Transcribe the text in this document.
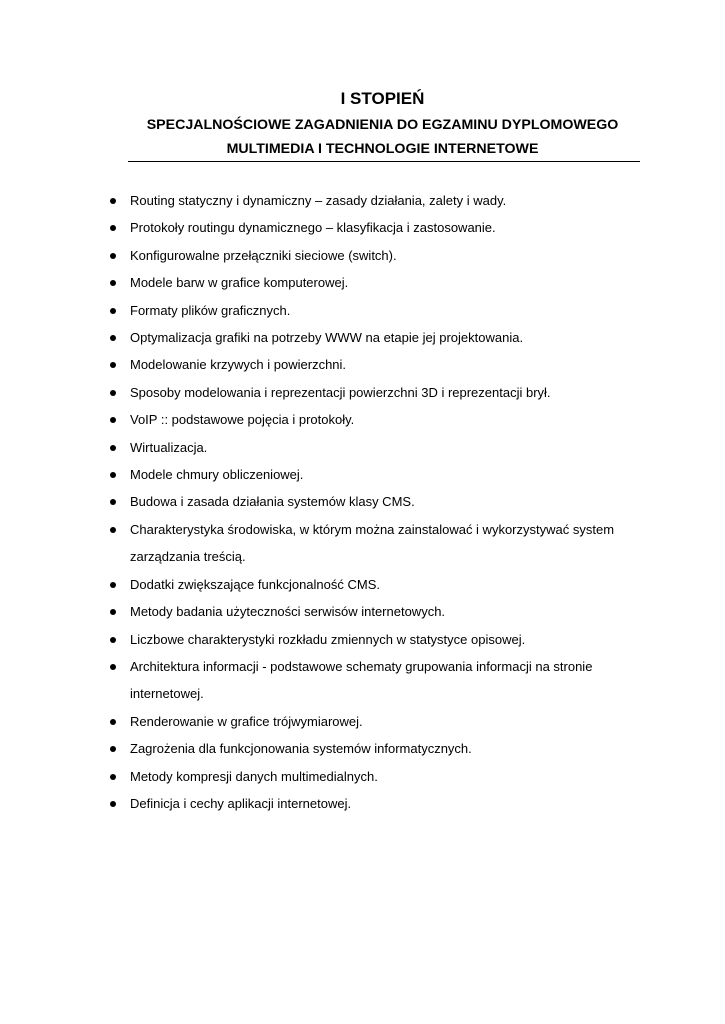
I STOPIEŃ
SPECJALNOŚCIOWE ZAGADNIENIA DO EGZAMINU DYPLOMOWEGO
MULTIMEDIA I TECHNOLOGIE INTERNETOWE
Routing statyczny i dynamiczny – zasady działania, zalety i wady.
Protokoły routingu dynamicznego – klasyfikacja i zastosowanie.
Konfigurowalne przełączniki sieciowe (switch).
Modele barw w grafice komputerowej.
Formaty plików graficznych.
Optymalizacja grafiki na potrzeby WWW na etapie jej projektowania.
Modelowanie krzywych i powierzchni.
Sposoby modelowania i reprezentacji powierzchni 3D i reprezentacji brył.
VoIP :: podstawowe pojęcia i protokoły.
Wirtualizacja.
Modele chmury obliczeniowej.
Budowa i zasada działania systemów klasy CMS.
Charakterystyka środowiska, w którym można zainstalować i wykorzystywać system zarządzania treścią.
Dodatki zwiększające funkcjonalność CMS.
Metody badania użyteczności serwisów internetowych.
Liczbowe charakterystyki rozkładu zmiennych w statystyce opisowej.
Architektura informacji - podstawowe schematy grupowania informacji na stronie internetowej.
Renderowanie w grafice trójwymiarowej.
Zagrożenia dla funkcjonowania systemów informatycznych.
Metody kompresji danych multimedialnych.
Definicja i cechy aplikacji internetowej.
